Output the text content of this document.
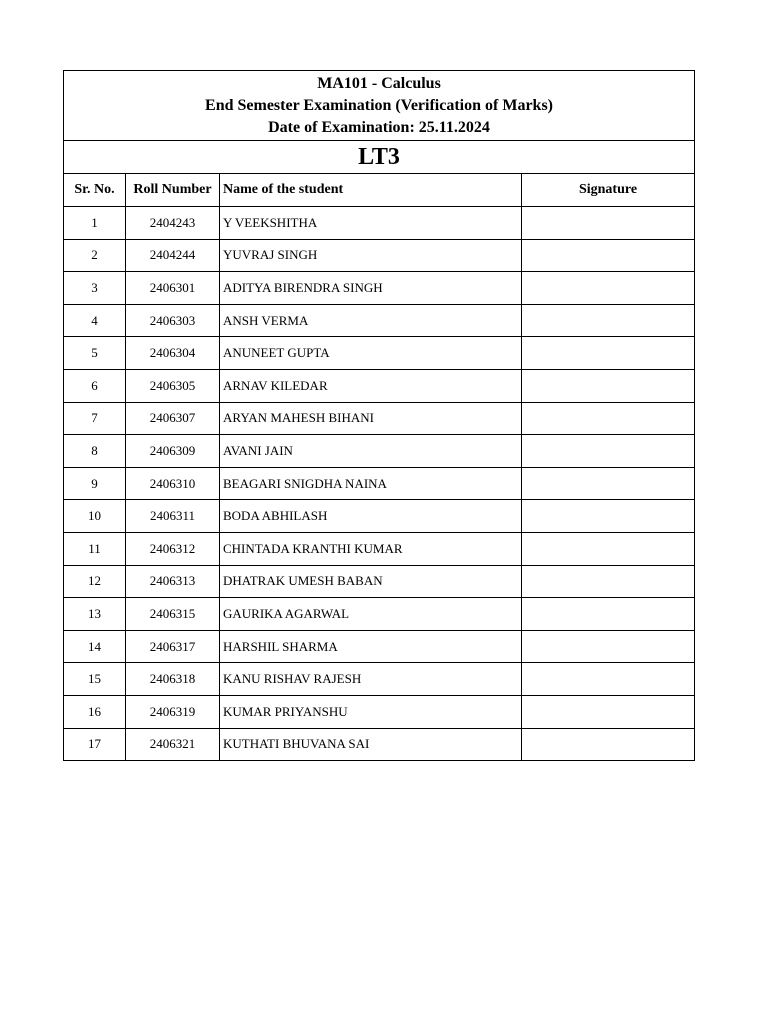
MA101 - Calculus
End Semester Examination (Verification of Marks)
Date of Examination: 25.11.2024			

LT3			
Sr. No.	Roll Number	Name of the student	Signature
1	2404243	Y VEEKSHITHA	
2	2404244	YUVRAJ SINGH	
3	2406301	ADITYA BIRENDRA SINGH	
4	2406303	ANSH VERMA	
5	2406304	ANUNEET GUPTA	
6	2406305	ARNAV KILEDAR	
7	2406307	ARYAN MAHESH BIHANI	
8	2406309	AVANI JAIN	
9	2406310	BEAGARI SNIGDHA NAINA	
10	2406311	BODA ABHILASH	
11	2406312	CHINTADA KRANTHI KUMAR	
12	2406313	DHATRAK UMESH BABAN	
13	2406315	GAURIKA AGARWAL	
14	2406317	HARSHIL SHARMA	
15	2406318	KANU RISHAV RAJESH	
16	2406319	KUMAR PRIYANSHU	
17	2406321	KUTHATI BHUVANA SAI	
